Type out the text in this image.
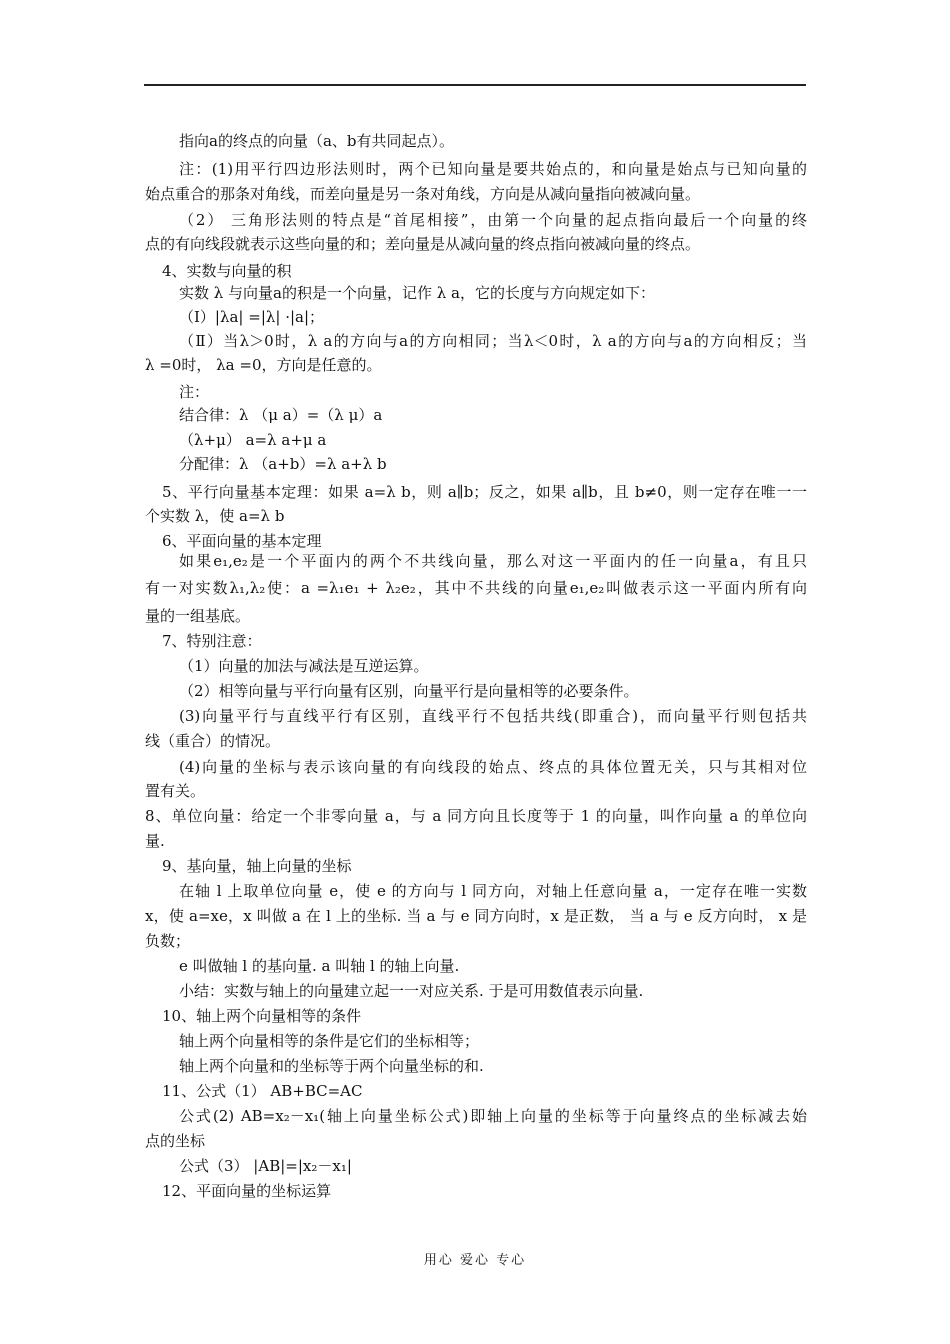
指向a的终点的向量（a、b有共同起点）。
注：(1)用平行四边形法则时，两个已知向量是要共始点的，和向量是始点与已知向量的
始点重合的那条对角线，而差向量是另一条对角线，方向是从减向量指向被减向量。
（2） 三角形法则的特点是“首尾相接”，由第一个向量的起点指向最后一个向量的终
点的有向线段就表示这些向量的和；差向量是从减向量的终点指向被减向量的终点。
4、实数与向量的积
实数 λ 与向量a的积是一个向量，记作 λ a，它的长度与方向规定如下：
（Ⅰ）|λa| =|λ| ·|a|；
（Ⅱ）当λ＞0时，λ a的方向与a的方向相同；当λ＜0时，λ a的方向与a的方向相反；当
λ =0时， λa =0，方向是任意的。
注：
结合律：λ （μ a）=（λ μ）a
（λ+μ） a=λ a+μ a
分配律：λ （a+b）=λ a+λ b
5、平行向量基本定理：如果 a=λ b，则 a∥b；反之，如果 a∥b，且 b≠0，则一定存在唯一一
个实数 λ，使 a=λ b
6、平面向量的基本定理
如果e₁,e₂是一个平面内的两个不共线向量，那么对这一平面内的任一向量a，有且只
有一对实数λ₁,λ₂使：a =λ₁e₁ + λ₂e₂，其中不共线的向量e₁,e₂叫做表示这一平面内所有向
量的一组基底。
7、特别注意：
（1）向量的加法与减法是互逆运算。
（2）相等向量与平行向量有区别，向量平行是向量相等的必要条件。
(3)向量平行与直线平行有区别，直线平行不包括共线(即重合)，而向量平行则包括共
线（重合）的情况。
(4)向量的坐标与表示该向量的有向线段的始点、终点的具体位置无关，只与其相对位
置有关。
8、单位向量：给定一个非零向量 a，与 a 同方向且长度等于 1 的向量，叫作向量 a 的单位向
量.
9、基向量，轴上向量的坐标
在轴 l 上取单位向量 e，使 e 的方向与 l 同方向，对轴上任意向量 a，一定存在唯一实数
x，使 a=xe，x 叫做 a 在 l 上的坐标. 当 a 与 e 同方向时，x 是正数， 当 a 与 e 反方向时， x 是
负数；
e 叫做轴 l 的基向量. a 叫轴 l 的轴上向量.
小结：实数与轴上的向量建立起一一对应关系. 于是可用数值表示向量.
10、轴上两个向量相等的条件
轴上两个向量相等的条件是它们的坐标相等；
轴上两个向量和的坐标等于两个向量坐标的和.
11、公式（1） AB+BC=AC
公式(2) AB=x₂－x₁(轴上向量坐标公式)即轴上向量的坐标等于向量终点的坐标减去始
点的坐标
公式（3） |AB|=|x₂－x₁|
12、平面向量的坐标运算
用心 爱心 专心
